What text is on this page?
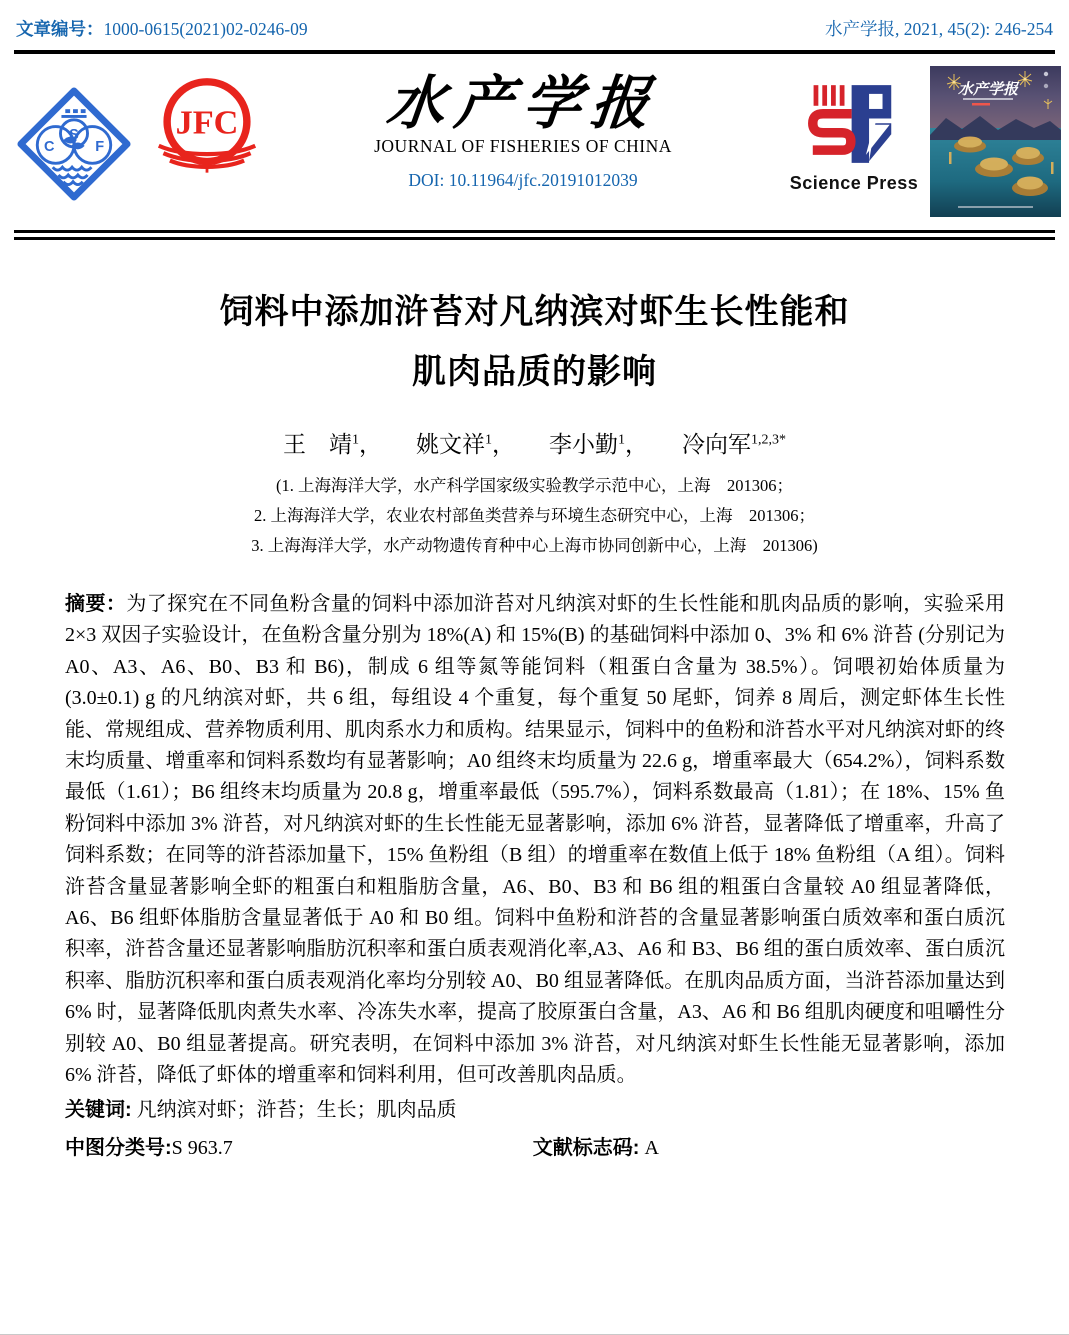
文章编号：1000-0615(2021)02-0246-09	水产学报, 2021, 45(2): 246-254
C
S
F
JFC	水产学报
JOURNAL OF FISHERIES OF CHINA
DOI: 10.11964/jfc.20191012039	Science Press
水产学报
饲料中添加浒苔对凡纳滨对虾生长性能和
肌肉品质的影响
王　靖$^1$， 姚文祥$^1$， 李小勤$^1$， 冷向军$^{1,2,3*}$
(1. 上海海洋大学，水产科学国家级实验教学示范中心，上海　201306；
2. 上海海洋大学，农业农村部鱼类营养与环境生态研究中心，上海　201306；
3. 上海海洋大学，水产动物遗传育种中心上海市协同创新中心，上海　201306)

摘要：为了探究在不同鱼粉含量的饲料中添加浒苔对凡纳滨对虾的生长性能和肌肉品质的影响，实验采用 2×3 双因子实验设计，在鱼粉含量分别为 18%(A) 和 15%(B) 的基础饲料中添加 0、3% 和 6% 浒苔 (分别记为 A0、A3、A6、B0、B3 和 B6)，制成 6 组等氮等能饲料（粗蛋白含量为 38.5%）。饲喂初始体质量为 (3.0±0.1) g 的凡纳滨对虾，共 6 组，每组设 4 个重复，每个重复 50 尾虾，饲养 8 周后，测定虾体生长性能、常规组成、营养物质利用、肌肉系水力和质构。结果显示，饲料中的鱼粉和浒苔水平对凡纳滨对虾的终末均质量、增重率和饲料系数均有显著影响；A0 组终末均质量为 22.6 g，增重率最大（654.2%），饲料系数最低（1.61）；B6 组终末均质量为 20.8 g，增重率最低（595.7%），饲料系数最高（1.81）；在 18%、15% 鱼粉饲料中添加 3% 浒苔，对凡纳滨对虾的生长性能无显著影响，添加 6% 浒苔，显著降低了增重率，升高了饲料系数；在同等的浒苔添加量下，15% 鱼粉组（B 组）的增重率在数值上低于 18% 鱼粉组（A 组）。饲料浒苔含量显著影响全虾的粗蛋白和粗脂肪含量，A6、B0、B3 和 B6 组的粗蛋白含量较 A0 组显著降低，A6、B6 组虾体脂肪含量显著低于 A0 和 B0 组。饲料中鱼粉和浒苔的含量显著影响蛋白质效率和蛋白质沉积率，浒苔含量还显著影响脂肪沉积率和蛋白质表观消化率,A3、A6 和 B3、B6 组的蛋白质效率、蛋白质沉积率、脂肪沉积率和蛋白质表观消化率均分别较 A0、B0 组显著降低。在肌肉品质方面，当浒苔添加量达到 6% 时，显著降低肌肉煮失水率、冷冻失水率，提高了胶原蛋白含量，A3、A6 和 B6 组肌肉硬度和咀嚼性分别较 A0、B0 组显著提高。研究表明，在饲料中添加 3% 浒苔，对凡纳滨对虾生长性能无显著影响，添加 6% 浒苔，降低了虾体的增重率和饲料利用，但可改善肌肉品质。

关键词: 凡纳滨对虾；浒苔；生长；肌肉品质

中图分类号:S 963.7	文献标志码: A
